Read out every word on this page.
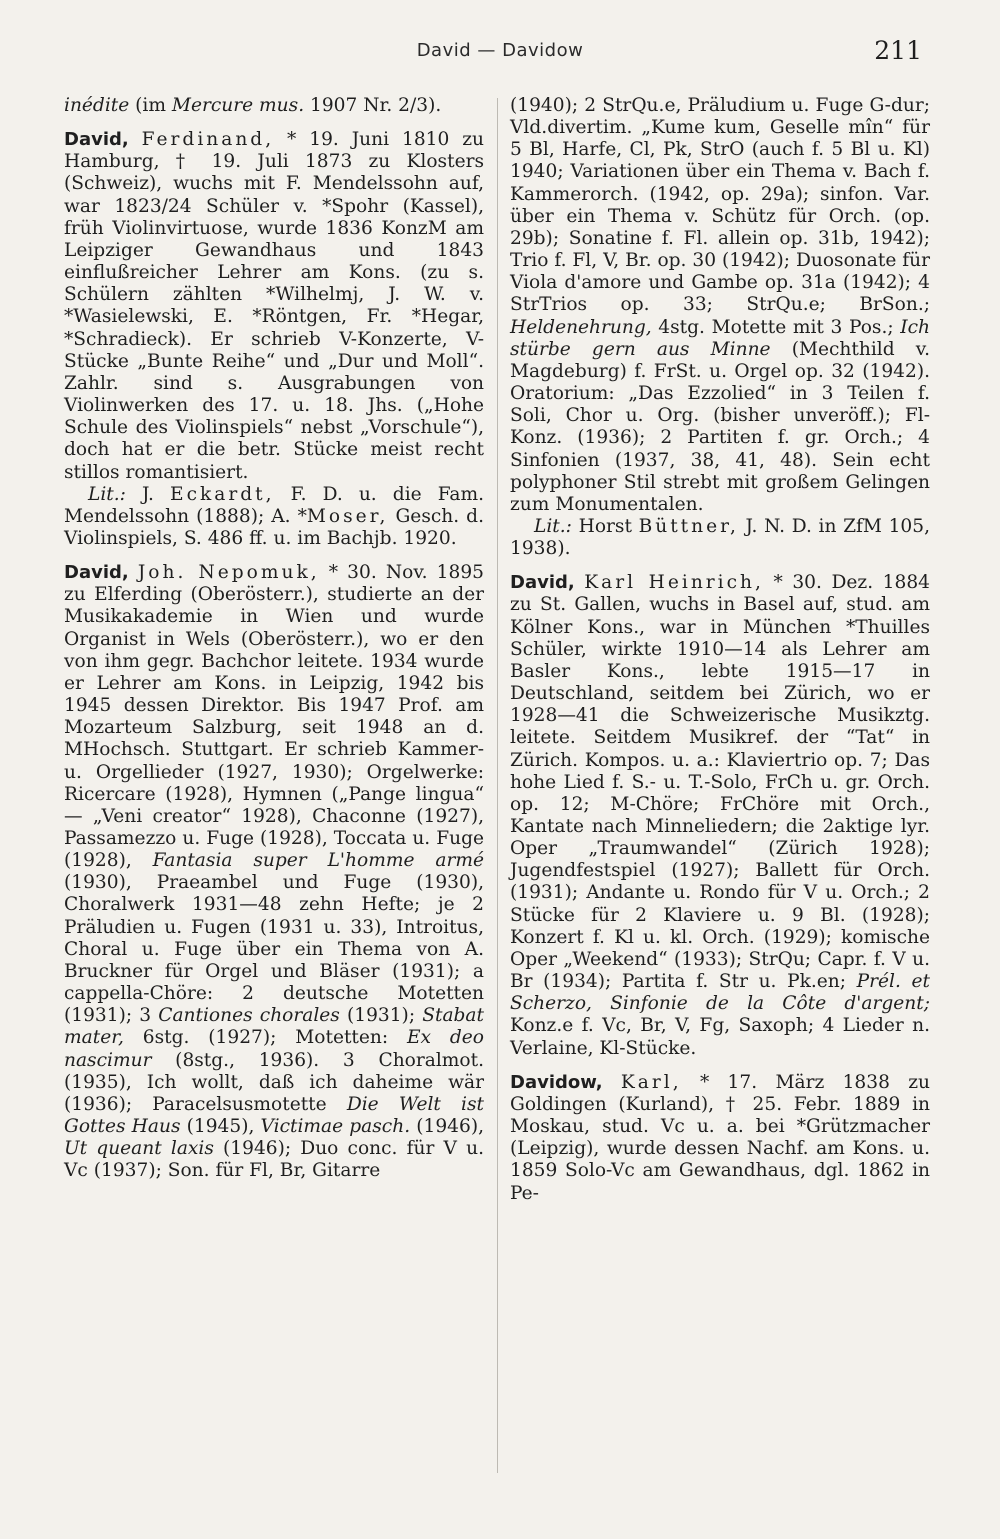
David — Davidow	211

inédite (im Mercure mus. 1907 Nr. 2/3).

David, Ferdinand, * 19. Juni 1810 zu Hamburg, † 19. Juli 1873 zu Klosters (Schweiz), wuchs mit F. Mendelssohn auf, war 1823/24 Schüler v. *Spohr (Kassel), früh Violinvirtuose, wurde 1836 KonzM am Leipziger Gewandhaus und 1843 einflußreicher Lehrer am Kons. (zu s. Schülern zählten *Wilhelmj, J. W. v. *Wasielewski, E. *Röntgen, Fr. *Hegar, *Schradieck). Er schrieb V-Konzerte, V-Stücke „Bunte Reihe“ und „Dur und Moll“. Zahlr. sind s. Ausgrabungen von Violinwerken des 17. u. 18. Jhs. („Hohe Schule des Violinspiels“ nebst „Vorschule“), doch hat er die betr. Stücke meist recht stillos romantisiert.
Lit.: J. Eckardt, F. D. u. die Fam. Mendelssohn (1888); A. *Moser, Gesch. d. Violinspiels, S. 486 ff. u. im Bachjb. 1920.

David, Joh. Nepomuk, * 30. Nov. 1895 zu Elferding (Oberösterr.), studierte an der Musikakademie in Wien und wurde Organist in Wels (Oberösterr.), wo er den von ihm gegr. Bachchor leitete. 1934 wurde er Lehrer am Kons. in Leipzig, 1942 bis 1945 dessen Direktor. Bis 1947 Prof. am Mozarteum Salzburg, seit 1948 an d. MHochsch. Stuttgart. Er schrieb Kammer- u. Orgellieder (1927, 1930); Orgelwerke: Ricercare (1928), Hymnen („Pange lingua“ — „Veni creator“ 1928), Chaconne (1927), Passamezzo u. Fuge (1928), Toccata u. Fuge (1928), Fantasia super L'homme armé (1930), Praeambel und Fuge (1930), Choralwerk 1931—48 zehn Hefte; je 2 Präludien u. Fugen (1931 u. 33), Introitus, Choral u. Fuge über ein Thema von A. Bruckner für Orgel und Bläser (1931); a cappella-Chöre: 2 deutsche Motetten (1931); 3 Cantiones chorales (1931); Stabat mater, 6stg. (1927); Motetten: Ex deo nascimur (8stg., 1936). 3 Choralmot. (1935), Ich wollt, daß ich daheime wär (1936); Paracelsusmotette Die Welt ist Gottes Haus (1945), Victimae pasch. (1946), Ut queant laxis (1946); Duo conc. für V u. Vc (1937); Son. für Fl, Br, Gitarre

(1940); 2 StrQu.e, Präludium u. Fuge G-dur; Vld.divertim. „Kume kum, Geselle mîn“ für 5 Bl, Harfe, Cl, Pk, StrO (auch f. 5 Bl u. Kl) 1940; Variationen über ein Thema v. Bach f. Kammerorch. (1942, op. 29a); sinfon. Var. über ein Thema v. Schütz für Orch. (op. 29b); Sonatine f. Fl. allein op. 31b, 1942); Trio f. Fl, V, Br. op. 30 (1942); Duosonate für Viola d'amore und Gambe op. 31a (1942); 4 StrTrios op. 33; StrQu.e; BrSon.; Heldenehrung, 4stg. Motette mit 3 Pos.; Ich stürbe gern aus Minne (Mechthild v. Magdeburg) f. FrSt. u. Orgel op. 32 (1942). Oratorium: „Das Ezzolied“ in 3 Teilen f. Soli, Chor u. Org. (bisher unveröff.); Fl-Konz. (1936); 2 Partiten f. gr. Orch.; 4 Sinfonien (1937, 38, 41, 48). Sein echt polyphoner Stil strebt mit großem Gelingen zum Monumentalen.
Lit.: Horst Büttner, J. N. D. in ZfM 105, 1938).

David, Karl Heinrich, * 30. Dez. 1884 zu St. Gallen, wuchs in Basel auf, stud. am Kölner Kons., war in München *Thuilles Schüler, wirkte 1910—14 als Lehrer am Basler Kons., lebte 1915—17 in Deutschland, seitdem bei Zürich, wo er 1928—41 die Schweizerische Musikztg. leitete. Seitdem Musikref. der “Tat“ in Zürich. Kompos. u. a.: Klaviertrio op. 7; Das hohe Lied f. S.- u. T.-Solo, FrCh u. gr. Orch. op. 12; M-Chöre; FrChöre mit Orch., Kantate nach Minneliedern; die 2aktige lyr. Oper „Traumwandel“ (Zürich 1928); Jugendfestspiel (1927); Ballett für Orch. (1931); Andante u. Rondo für V u. Orch.; 2 Stücke für 2 Klaviere u. 9 Bl. (1928); Konzert f. Kl u. kl. Orch. (1929); komische Oper „Weekend“ (1933); StrQu; Capr. f. V u. Br (1934); Partita f. Str u. Pk.en; Prél. et Scherzo, Sinfonie de la Côte d'argent; Konz.e f. Vc, Br, V, Fg, Saxoph; 4 Lieder n. Verlaine, Kl-Stücke.

Davidow, Karl, * 17. März 1838 zu Goldingen (Kurland), † 25. Febr. 1889 in Moskau, stud. Vc u. a. bei *Grützmacher (Leipzig), wurde dessen Nachf. am Kons. u. 1859 Solo-Vc am Gewandhaus, dgl. 1862 in Pe-
